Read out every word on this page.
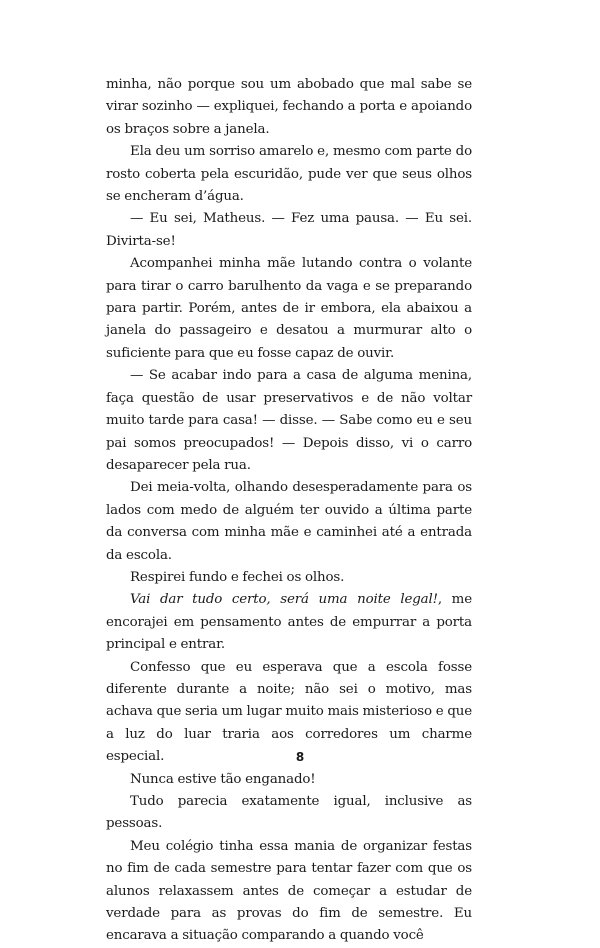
minha, não porque sou um abobado que mal sabe se virar sozinho — expliquei, fechando a porta e apoiando os braços sobre a janela.

Ela deu um sorriso amarelo e, mesmo com parte do rosto coberta pela escuridão, pude ver que seus olhos se encheram d’água.

— Eu sei, Matheus. — Fez uma pausa. — Eu sei. Divirta-se!

Acompanhei minha mãe lutando contra o volante para tirar o carro barulhento da vaga e se preparando para partir. Porém, antes de ir embora, ela abaixou a janela do passageiro e desatou a murmurar alto o suficiente para que eu fosse capaz de ouvir.

— Se acabar indo para a casa de alguma menina, faça questão de usar preservativos e de não voltar muito tarde para casa! — disse. — Sabe como eu e seu pai somos preocupados! — Depois disso, vi o carro desaparecer pela rua.

Dei meia-volta, olhando desesperadamente para os lados com medo de alguém ter ouvido a última parte da conversa com minha mãe e caminhei até a entrada da escola.

Respirei fundo e fechei os olhos.

Vai dar tudo certo, será uma noite legal!, me encorajei em pensamento antes de empurrar a porta principal e entrar.

Confesso que eu esperava que a escola fosse diferente durante a noite; não sei o motivo, mas achava que seria um lugar muito mais misterioso e que a luz do luar traria aos corredores um charme especial.

Nunca estive tão enganado!

Tudo parecia exatamente igual, inclusive as pessoas.

Meu colégio tinha essa mania de organizar festas no fim de cada semestre para tentar fazer com que os alunos relaxassem antes de começar a estudar de verdade para as provas do fim de semestre. Eu encarava a situação comparando a quando você

8
